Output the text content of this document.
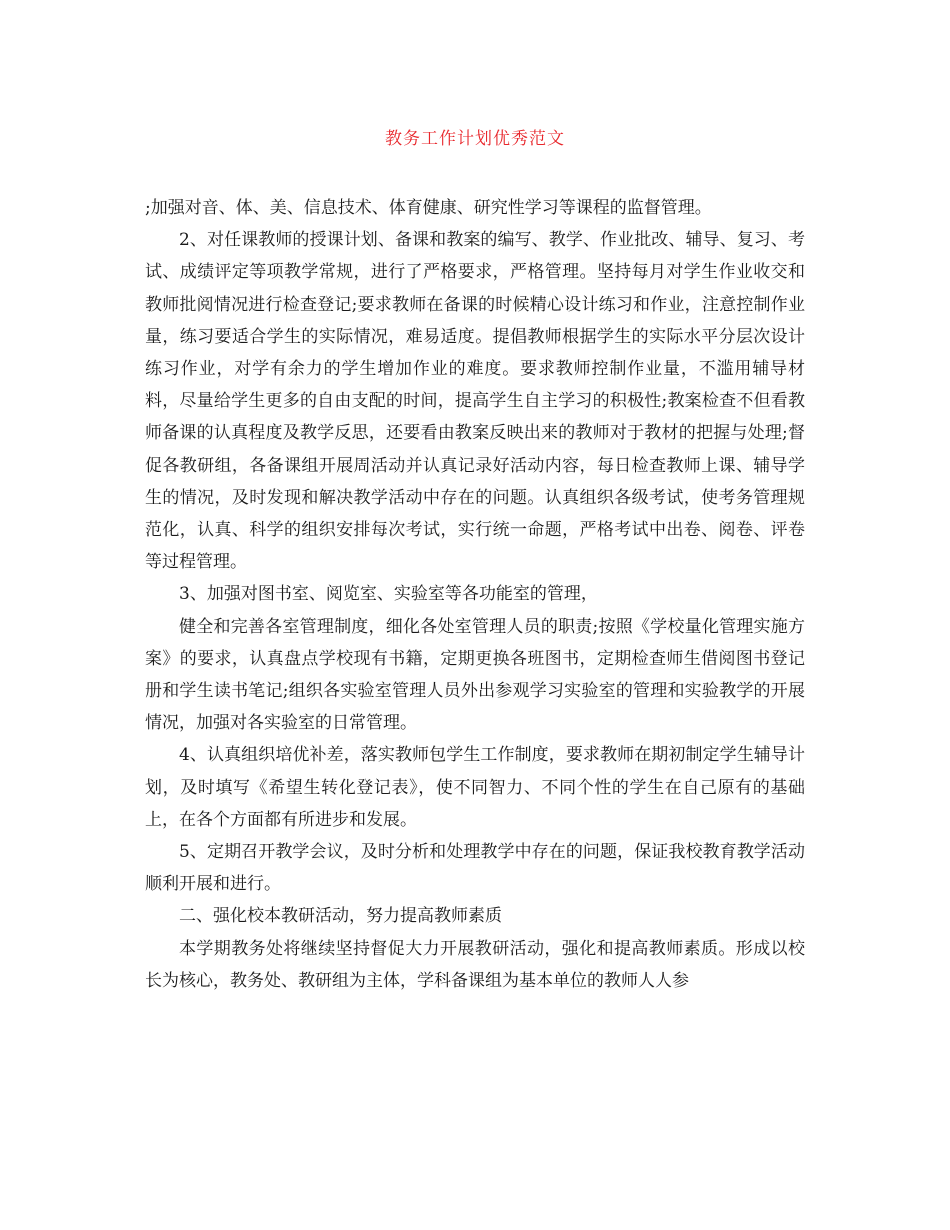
教务工作计划优秀范文

;加强对音、体、美、信息技术、体育健康、研究性学习等课程的监督管理。

2、对任课教师的授课计划、备课和教案的编写、教学、作业批改、辅导、复习、考试、成绩评定等项教学常规，进行了严格要求，严格管理。坚持每月对学生作业收交和教师批阅情况进行检查登记;要求教师在备课的时候精心设计练习和作业，注意控制作业量，练习要适合学生的实际情况，难易适度。提倡教师根据学生的实际水平分层次设计练习作业，对学有余力的学生增加作业的难度。要求教师控制作业量，不滥用辅导材料，尽量给学生更多的自由支配的时间，提高学生自主学习的积极性;教案检查不但看教师备课的认真程度及教学反思，还要看由教案反映出来的教师对于教材的把握与处理;督促各教研组，各备课组开展周活动并认真记录好活动内容，每日检查教师上课、辅导学生的情况，及时发现和解决教学活动中存在的问题。认真组织各级考试，使考务管理规范化，认真、科学的组织安排每次考试，实行统一命题，严格考试中出卷、阅卷、评卷等过程管理。

3、加强对图书室、阅览室、实验室等各功能室的管理，

健全和完善各室管理制度，细化各处室管理人员的职责;按照《学校量化管理实施方案》的要求，认真盘点学校现有书籍，定期更换各班图书，定期检查师生借阅图书登记册和学生读书笔记;组织各实验室管理人员外出参观学习实验室的管理和实验教学的开展情况，加强对各实验室的日常管理。

4、认真组织培优补差，落实教师包学生工作制度，要求教师在期初制定学生辅导计划，及时填写《希望生转化登记表》，使不同智力、不同个性的学生在自己原有的基础上，在各个方面都有所进步和发展。

5、定期召开教学会议，及时分析和处理教学中存在的问题，保证我校教育教学活动顺利开展和进行。

二、强化校本教研活动，努力提高教师素质

本学期教务处将继续坚持督促大力开展教研活动，强化和提高教师素质。形成以校长为核心，教务处、教研组为主体，学科备课组为基本单位的教师人人参
